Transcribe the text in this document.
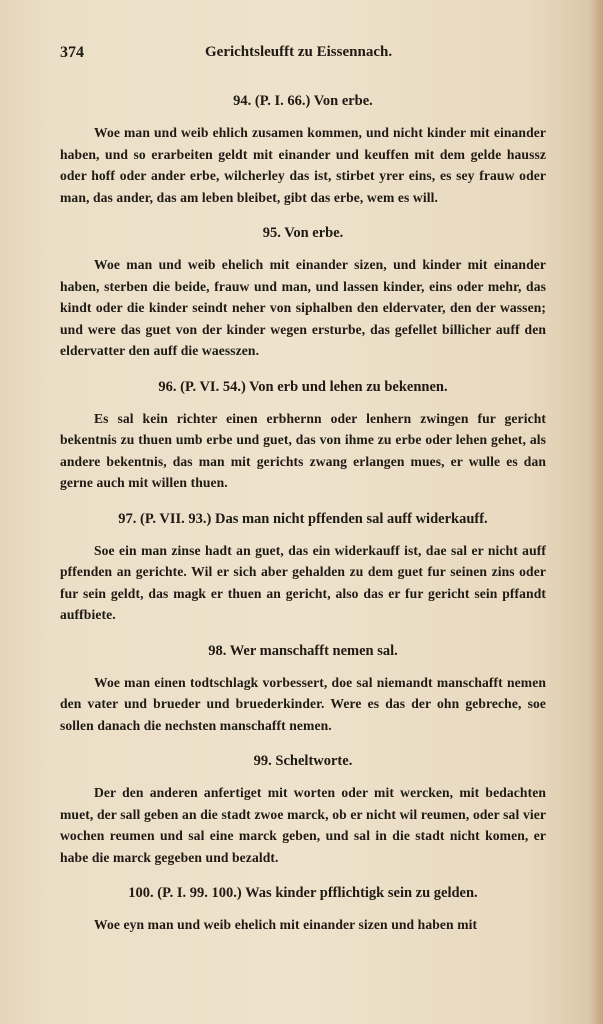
374	Gerichtsleufft zu Eissennach.
94. (P. I. 66.) Von erbe.

Woe man und weib ehlich zusamen kommen, und nicht kinder mit einander haben, und so erarbeiten geldt mit einander und keuffen mit dem gelde haussz oder hoff oder ander erbe, wilcherley das ist, stirbet yrer eins, es sey frauw oder man, das ander, das am leben bleibet, gibt das erbe, wem es will.

95. Von erbe.

Woe man und weib ehelich mit einander sizen, und kinder mit einander haben, sterben die beide, frauw und man, und lassen kinder, eins oder mehr, das kindt oder die kinder seindt neher von siphalben den eldervater, den der wassen; und were das guet von der kinder wegen ersturbe, das gefellet billicher auff den eldervatter den auff die waesszen.

96. (P. VI. 54.) Von erb und lehen zu bekennen.

Es sal kein richter einen erbhernn oder lenhern zwingen fur gericht bekentnis zu thuen umb erbe und guet, das von ihme zu erbe oder lehen gehet, als andere bekentnis, das man mit gerichts zwang erlangen mues, er wulle es dan gerne auch mit willen thuen.

97. (P. VII. 93.) Das man nicht pffenden sal auff widerkauff.

Soe ein man zinse hadt an guet, das ein widerkauff ist, dae sal er nicht auff pffenden an gerichte. Wil er sich aber gehalden zu dem guet fur seinen zins oder fur sein geldt, das magk er thuen an gericht, also das er fur gericht sein pffandt auffbiete.

98. Wer manschafft nemen sal.

Woe man einen todtschlagk vorbessert, doe sal niemandt manschafft nemen den vater und brueder und bruederkinder. Were es das der ohn gebreche, soe sollen danach die nechsten manschafft nemen.

99. Scheltworte.

Der den anderen anfertiget mit worten oder mit wercken, mit bedachten muet, der sall geben an die stadt zwoe marck, ob er nicht wil reumen, oder sal vier wochen reumen und sal eine marck geben, und sal in die stadt nicht komen, er habe die marck gegeben und bezaldt.

100. (P. I. 99. 100.) Was kinder pfflichtigk sein zu gelden.

Woe eyn man und weib ehelich mit einander sizen und haben mit
